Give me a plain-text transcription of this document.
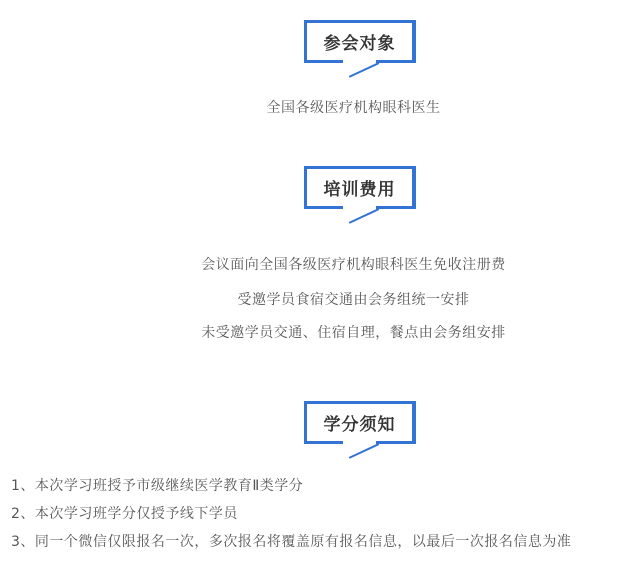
参会对象

全国各级医疗机构眼科医生

培训费用

会议面向全国各级医疗机构眼科医生免收注册费

受邀学员食宿交通由会务组统一安排

未受邀学员交通、住宿自理，餐点由会务组安排

学分须知

1、本次学习班授予市级继续医学教育Ⅱ类学分

2、本次学习班学分仅授予线下学员

3、同一个微信仅限报名一次，多次报名将覆盖原有报名信息，以最后一次报名信息为准
